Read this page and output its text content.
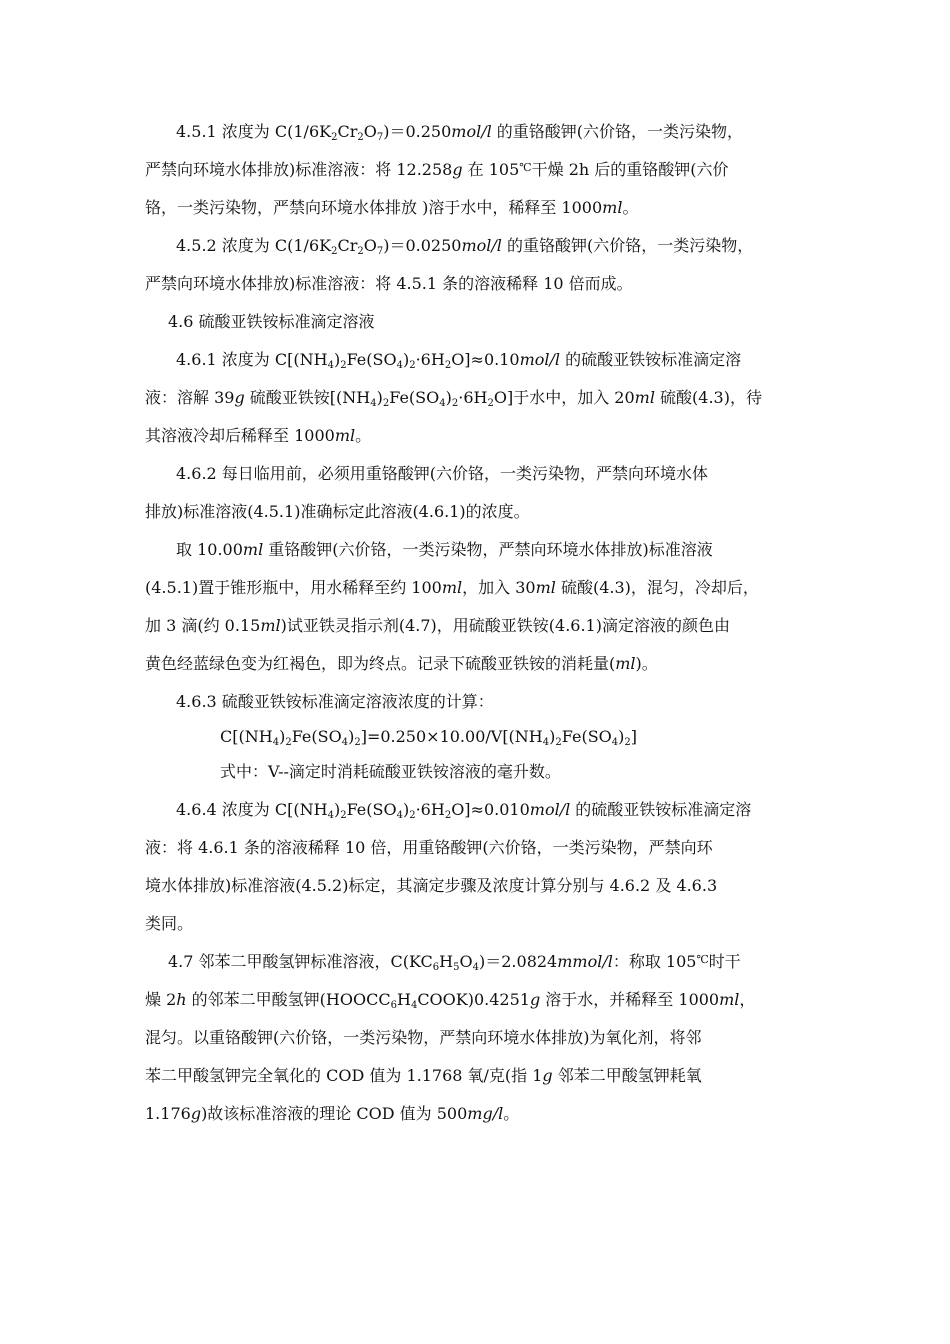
4.5.1 浓度为 $C(1/6K_2Cr_2O_7)=0.250mol/l$ 的重铬酸钾(六价铬，一类污染物，
严禁向环境水体排放)标准溶液：将 12.258g 在 105℃干燥 2h 后的重铬酸钾(六价
铬，一类污染物，严禁向环境水体排放 )溶于水中，稀释至 1000ml。
4.5.2 浓度为 $C(1/6K_2Cr_2O_7)=0.0250mol/l$ 的重铬酸钾(六价铬，一类污染物，
严禁向环境水体排放)标准溶液：将 4.5.1 条的溶液稀释 10 倍而成。
4.6 硫酸亚铁铵标准滴定溶液
4.6.1 浓度为 $C[(NH_4)_2Fe(SO_4)_2\cdot 6H_2O]\approx 0.10mol/l$ 的硫酸亚铁铵标准滴定溶
液：溶解 39g 硫酸亚铁铵$[(NH_4)_2Fe(SO_4)_2\cdot 6H_2O]$于水中，加入 20ml 硫酸(4.3)，待
其溶液冷却后稀释至 1000ml。
4.6.2 每日临用前，必须用重铬酸钾(六价铬，一类污染物，严禁向环境水体
排放)标准溶液(4.5.1)准确标定此溶液(4.6.1)的浓度。
取 10.00ml 重铬酸钾(六价铬，一类污染物，严禁向环境水体排放)标准溶液
(4.5.1)置于锥形瓶中，用水稀释至约 100ml，加入 30ml 硫酸(4.3)，混匀，冷却后，
加 3 滴(约 0.15ml)试亚铁灵指示剂(4.7)，用硫酸亚铁铵(4.6.1)滴定溶液的颜色由
黄色经蓝绿色变为红褐色，即为终点。记录下硫酸亚铁铵的消耗量(ml)。
4.6.3 硫酸亚铁铵标准滴定溶液浓度的计算：
$C[(NH_4)_2Fe(SO_4)_2]=0.250\times 10.00/V[(NH_4)_2Fe(SO_4)_2]$
式中：V--滴定时消耗硫酸亚铁铵溶液的毫升数。
4.6.4 浓度为 $C[(NH_4)_2Fe(SO_4)_2\cdot 6H_2O]\approx 0.010mol/l$ 的硫酸亚铁铵标准滴定溶
液：将 4.6.1 条的溶液稀释 10 倍，用重铬酸钾(六价铬，一类污染物，严禁向环
境水体排放)标准溶液(4.5.2)标定，其滴定步骤及浓度计算分别与 4.6.2 及 4.6.3
类同。
4.7 邻苯二甲酸氢钾标准溶液，$C(KC_6H_5O_4)=2.0824mmol/l$：称取 105℃时干
燥 2h 的邻苯二甲酸氢钾$(HOOCC_6H_4COOK)0.4251g$ 溶于水，并稀释至 1000ml，
混匀。以重铬酸钾(六价铬，一类污染物，严禁向环境水体排放)为氧化剂，将邻
苯二甲酸氢钾完全氧化的 COD 值为 1.1768 氧/克(指 1g 邻苯二甲酸氢钾耗氧
1.176g)故该标准溶液的理论 COD 值为 500mg/l。
